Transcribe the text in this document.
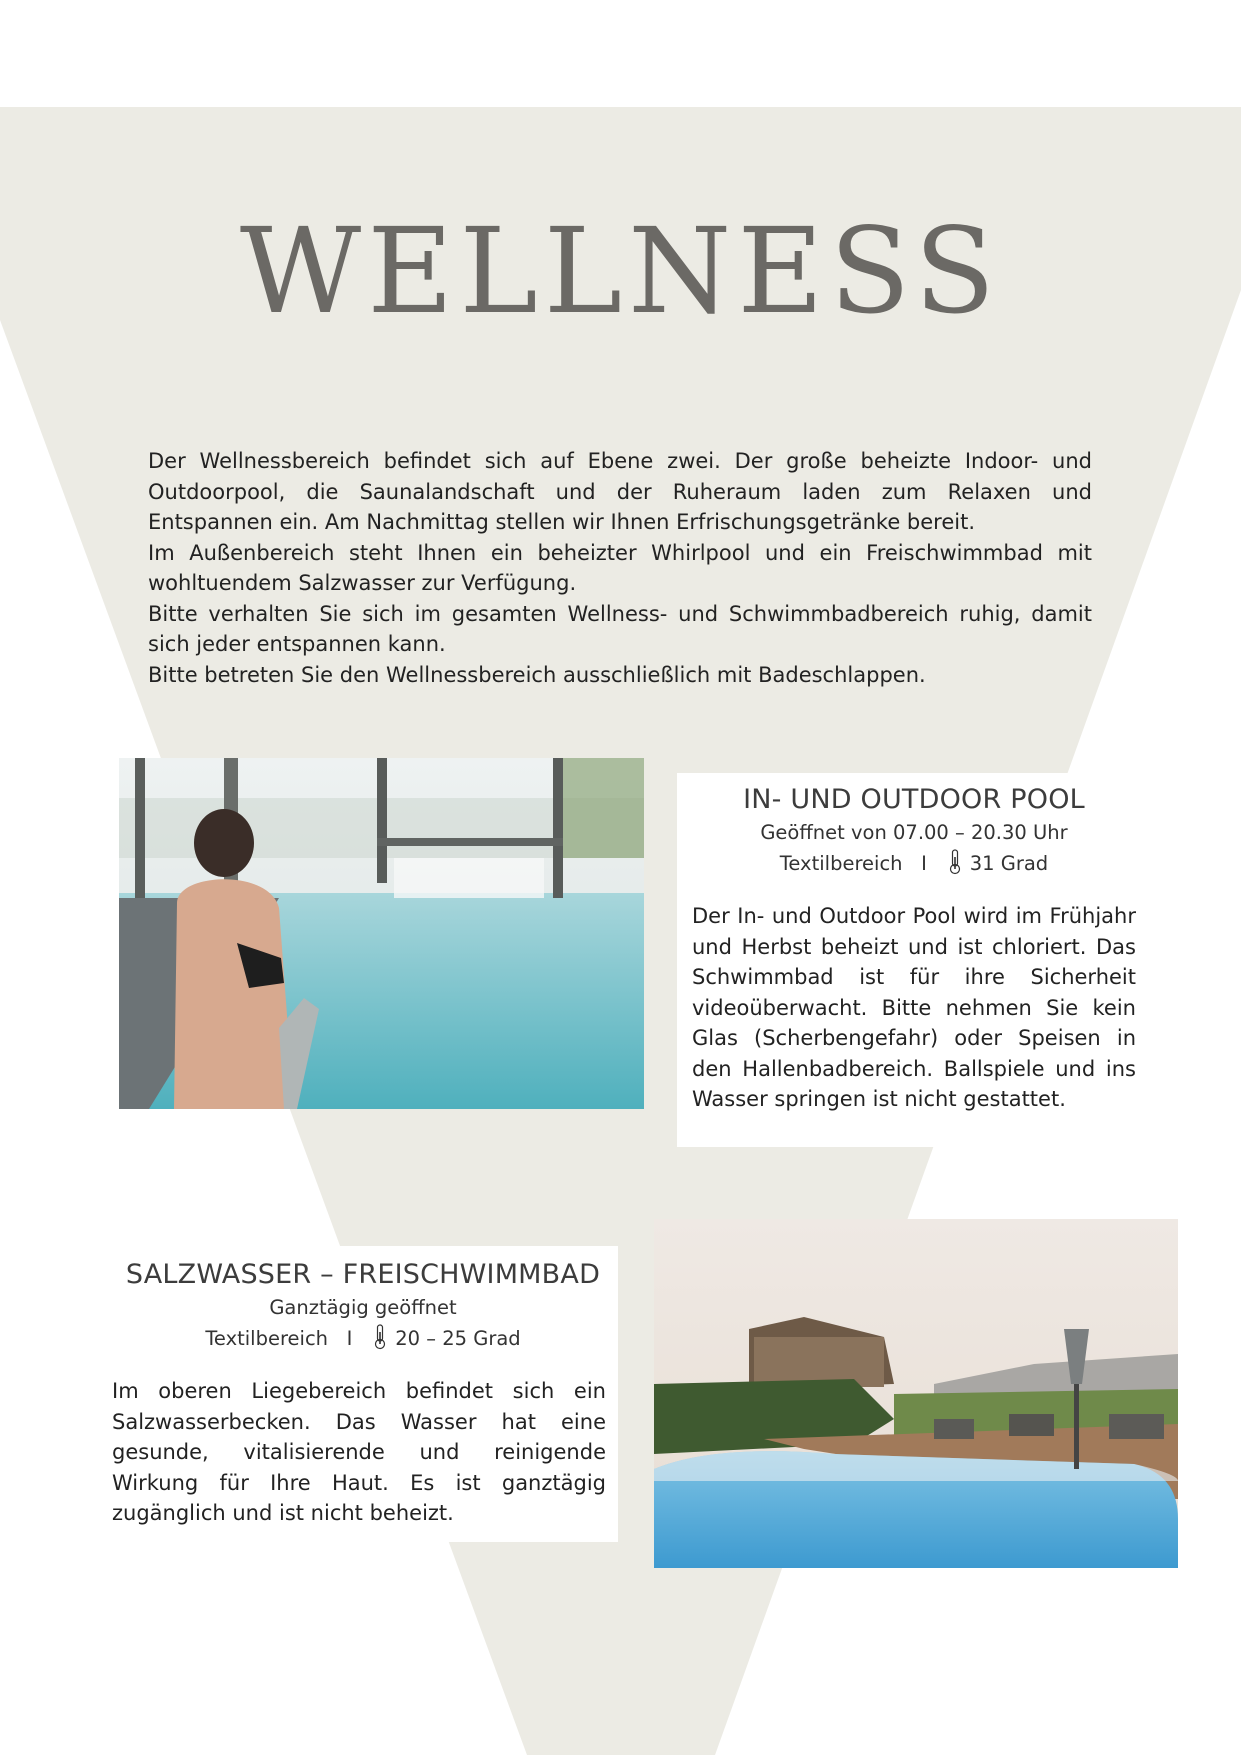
WELLNESS

Der Wellnessbereich befindet sich auf Ebene zwei. Der große beheizte Indoor- und Outdoorpool, die Saunalandschaft und der Ruheraum laden zum Relaxen und Entspannen ein. Am Nachmittag stellen wir Ihnen Erfrischungsgetränke bereit.

Im Außenbereich steht Ihnen ein beheizter Whirlpool und ein Freischwimmbad mit wohltuendem Salzwasser zur Verfügung.

Bitte verhalten Sie sich im gesamten Wellness- und Schwimmbadbereich ruhig, damit sich jeder entspannen kann.

Bitte betreten Sie den Wellnessbereich ausschließlich mit Badeschlappen.

IN- UND OUTDOOR POOL
Geöffnet von 07.00 – 20.30 Uhr
Textilbereich I 31 Grad
Der In- und Outdoor Pool wird im Frühjahr und Herbst beheizt und ist chloriert. Das Schwimmbad ist für ihre Sicherheit videoüberwacht. Bitte nehmen Sie kein Glas (Scherbengefahr) oder Speisen in den Hallenbadbereich. Ballspiele und ins Wasser springen ist nicht gestattet.
SALZWASSER – FREISCHWIMMBAD
Ganztägig geöffnet
Textilbereich I 20 – 25 Grad
Im oberen Liegebereich befindet sich ein Salzwasserbecken. Das Wasser hat eine gesunde, vitalisierende und reinigende Wirkung für Ihre Haut. Es ist ganztägig zugänglich und ist nicht beheizt.
